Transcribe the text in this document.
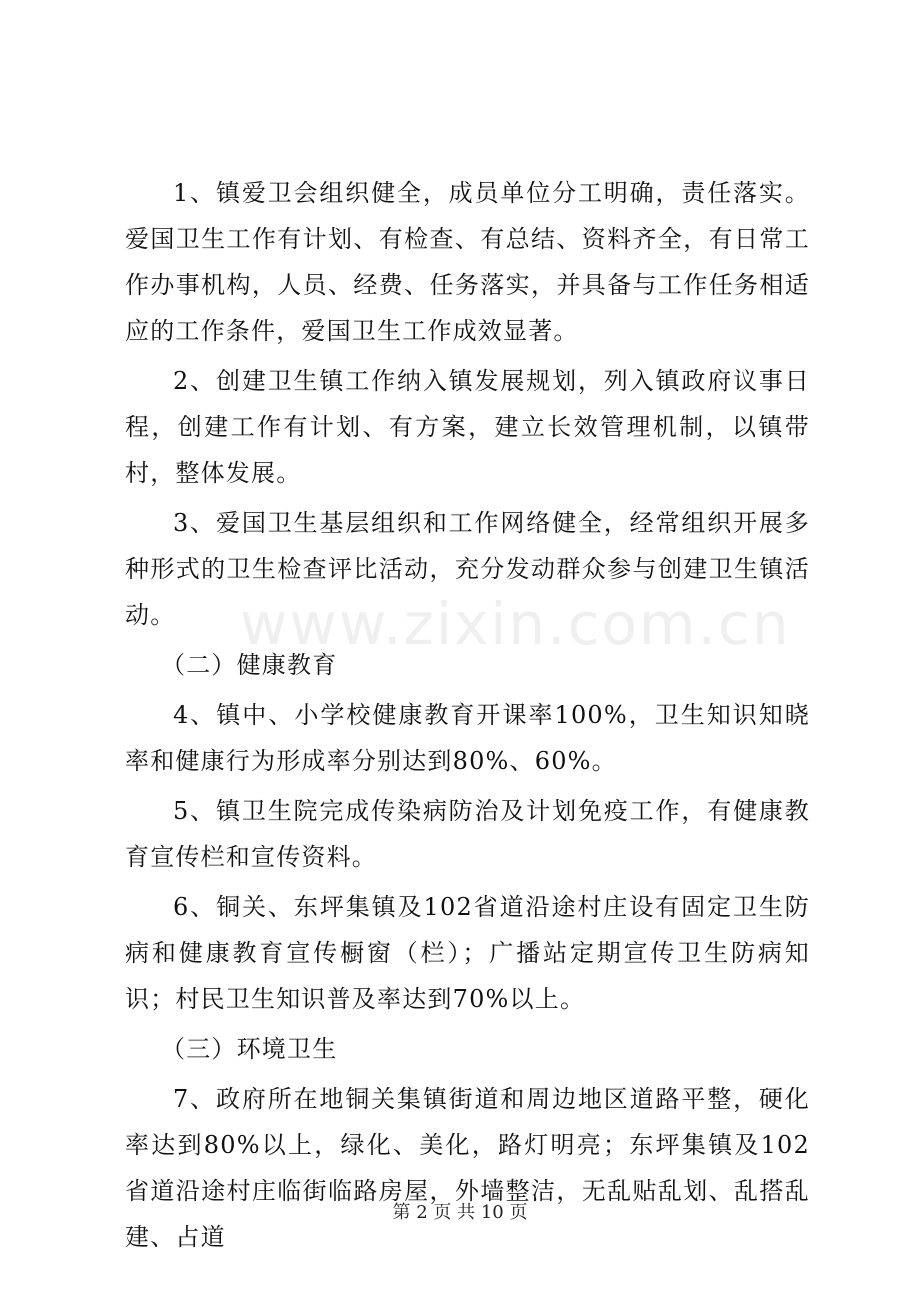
www.zixin.com.cn

1、镇爱卫会组织健全，成员单位分工明确，责任落实。爱国卫生工作有计划、有检查、有总结、资料齐全，有日常工作办事机构，人员、经费、任务落实，并具备与工作任务相适应的工作条件，爱国卫生工作成效显著。

2、创建卫生镇工作纳入镇发展规划，列入镇政府议事日程，创建工作有计划、有方案，建立长效管理机制，以镇带村，整体发展。

3、爱国卫生基层组织和工作网络健全，经常组织开展多种形式的卫生检查评比活动，充分发动群众参与创建卫生镇活动。

（二）健康教育

4、镇中、小学校健康教育开课率100%，卫生知识知晓率和健康行为形成率分别达到80%、60%。

5、镇卫生院完成传染病防治及计划免疫工作，有健康教育宣传栏和宣传资料。

6、铜关、东坪集镇及102省道沿途村庄设有固定卫生防病和健康教育宣传橱窗（栏）；广播站定期宣传卫生防病知识；村民卫生知识普及率达到70%以上。

（三）环境卫生

7、政府所在地铜关集镇街道和周边地区道路平整，硬化率达到80%以上，绿化、美化，路灯明亮；东坪集镇及102省道沿途村庄临街临路房屋，外墙整洁，无乱贴乱划、乱搭乱建、占道

第 2 页 共 10 页
